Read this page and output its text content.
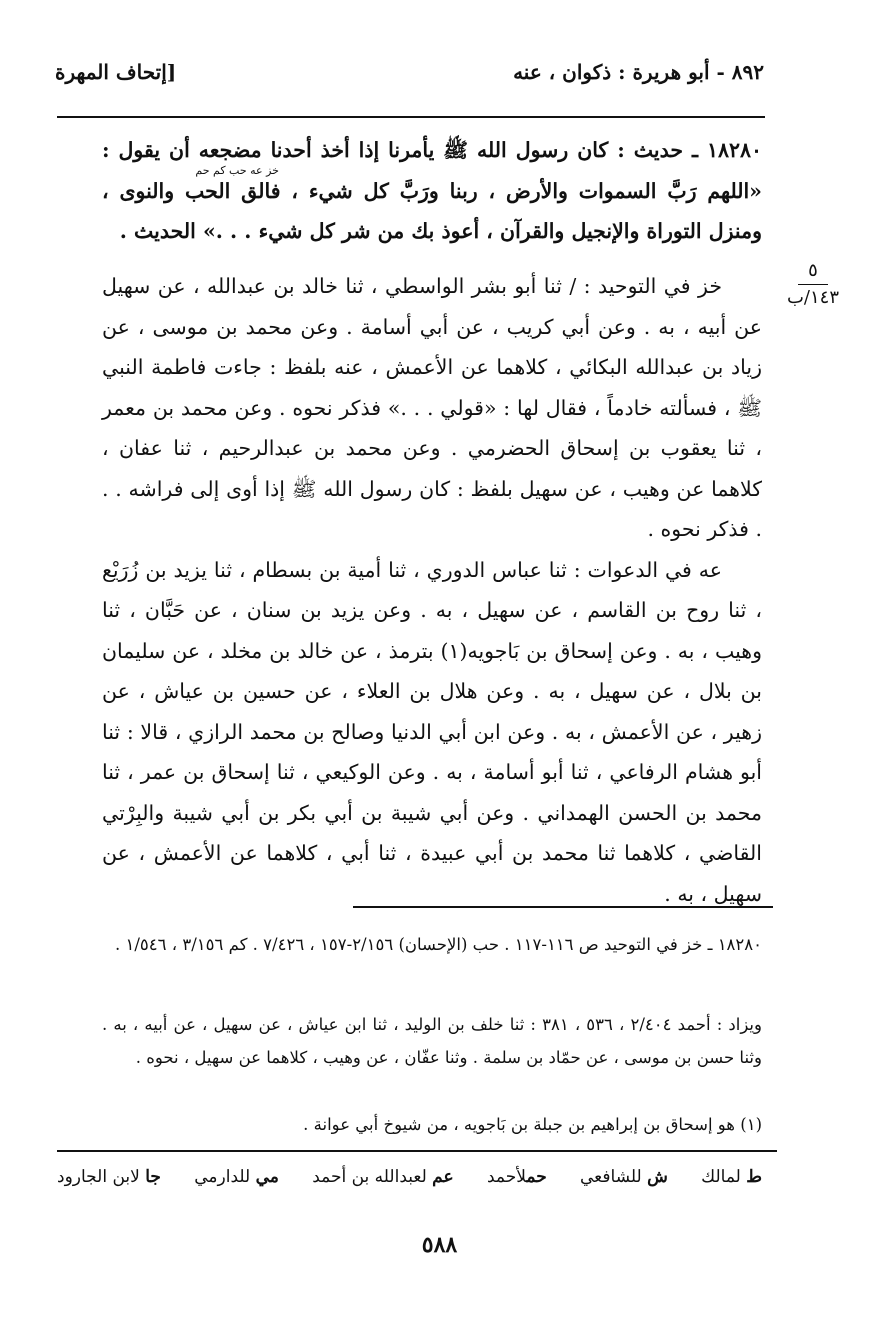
٨٩٢ - أبو هريرة : ذكوان ، عنه
[إتحاف المهرة
٥
١٤٣/ب
١٨٢٨٠ ـ حديث : كان رسول الله ﷺ يأمرنا إذا أخذ أحدنا مضجعه أن يقول : «اللهم رَبَّ السموات والأرض ، ربنا ورَبَّ كل شيء ، فالق الحب والنوى ، ومنزل التوراة والإنجيل والقرآن ، أعوذ بك من شر كل شيء . . .» الحديث .
خز عه حب كم حم

خز في التوحيد : / ثنا أبو بشر الواسطي ، ثنا خالد بن عبدالله ، عن سهيل عن أبيه ، به . وعن أبي كريب ، عن أبي أسامة . وعن محمد بن موسى ، عن زياد بن عبدالله البكائي ، كلاهما عن الأعمش ، عنه بلفظ : جاءت فاطمة النبي ﷺ ، فسألته خادماً ، فقال لها : «قولي . . .» فذكر نحوه . وعن محمد بن معمر ، ثنا يعقوب بن إسحاق الحضرمي . وعن محمد بن عبدالرحيم ، ثنا عفان ، كلاهما عن وهيب ، عن سهيل بلفظ : كان رسول الله ﷺ إذا أوى إلى فراشه . . . فذكر نحوه .

عه في الدعوات : ثنا عباس الدوري ، ثنا أمية بن بسطام ، ثنا يزيد بن زُرَيْع ، ثنا روح بن القاسم ، عن سهيل ، به . وعن يزيد بن سنان ، عن حَبَّان ، ثنا وهيب ، به . وعن إسحاق بن بَاجويه(١) بترمذ ، عن خالد بن مخلد ، عن سليمان بن بلال ، عن سهيل ، به . وعن هلال بن العلاء ، عن حسين بن عياش ، عن زهير ، عن الأعمش ، به . وعن ابن أبي الدنيا وصالح بن محمد الرازي ، قالا : ثنا أبو هشام الرفاعي ، ثنا أبو أسامة ، به . وعن الوكيعي ، ثنا إسحاق بن عمر ، ثنا محمد بن الحسن الهمداني . وعن أبي شيبة بن أبي بكر بن أبي شيبة والبِرْتي القاضي ، كلاهما ثنا محمد بن أبي عبيدة ، ثنا أبي ، كلاهما عن الأعمش ، عن سهيل ، به .

١٨٢٨٠ ـ خز في التوحيد ص ١١٦-١١٧ . حب (الإحسان) ٢/١٥٦-١٥٧ ، ٧/٤٢٦ . كم ٣/١٥٦ ، ١/٥٤٦ .
ويزاد : أحمد ٢/٤٠٤ ، ٥٣٦ ، ٣٨١ : ثنا خلف بن الوليد ، ثنا ابن عياش ، عن سهيل ، عن أبيه ، به . وثنا حسن بن موسى ، عن حمّاد بن سلمة . وثنا عفّان ، عن وهيب ، كلاهما عن سهيل ، نحوه .
(١) هو إسحاق بن إبراهيم بن جبلة بن بَاجويه ، من شيوخ أبي عوانة .
ط لمالك
ش للشافعي
حملأحمد
عم لعبدالله بن أحمد
مي للدارمي
جا لابن الجارود
٥٨٨
